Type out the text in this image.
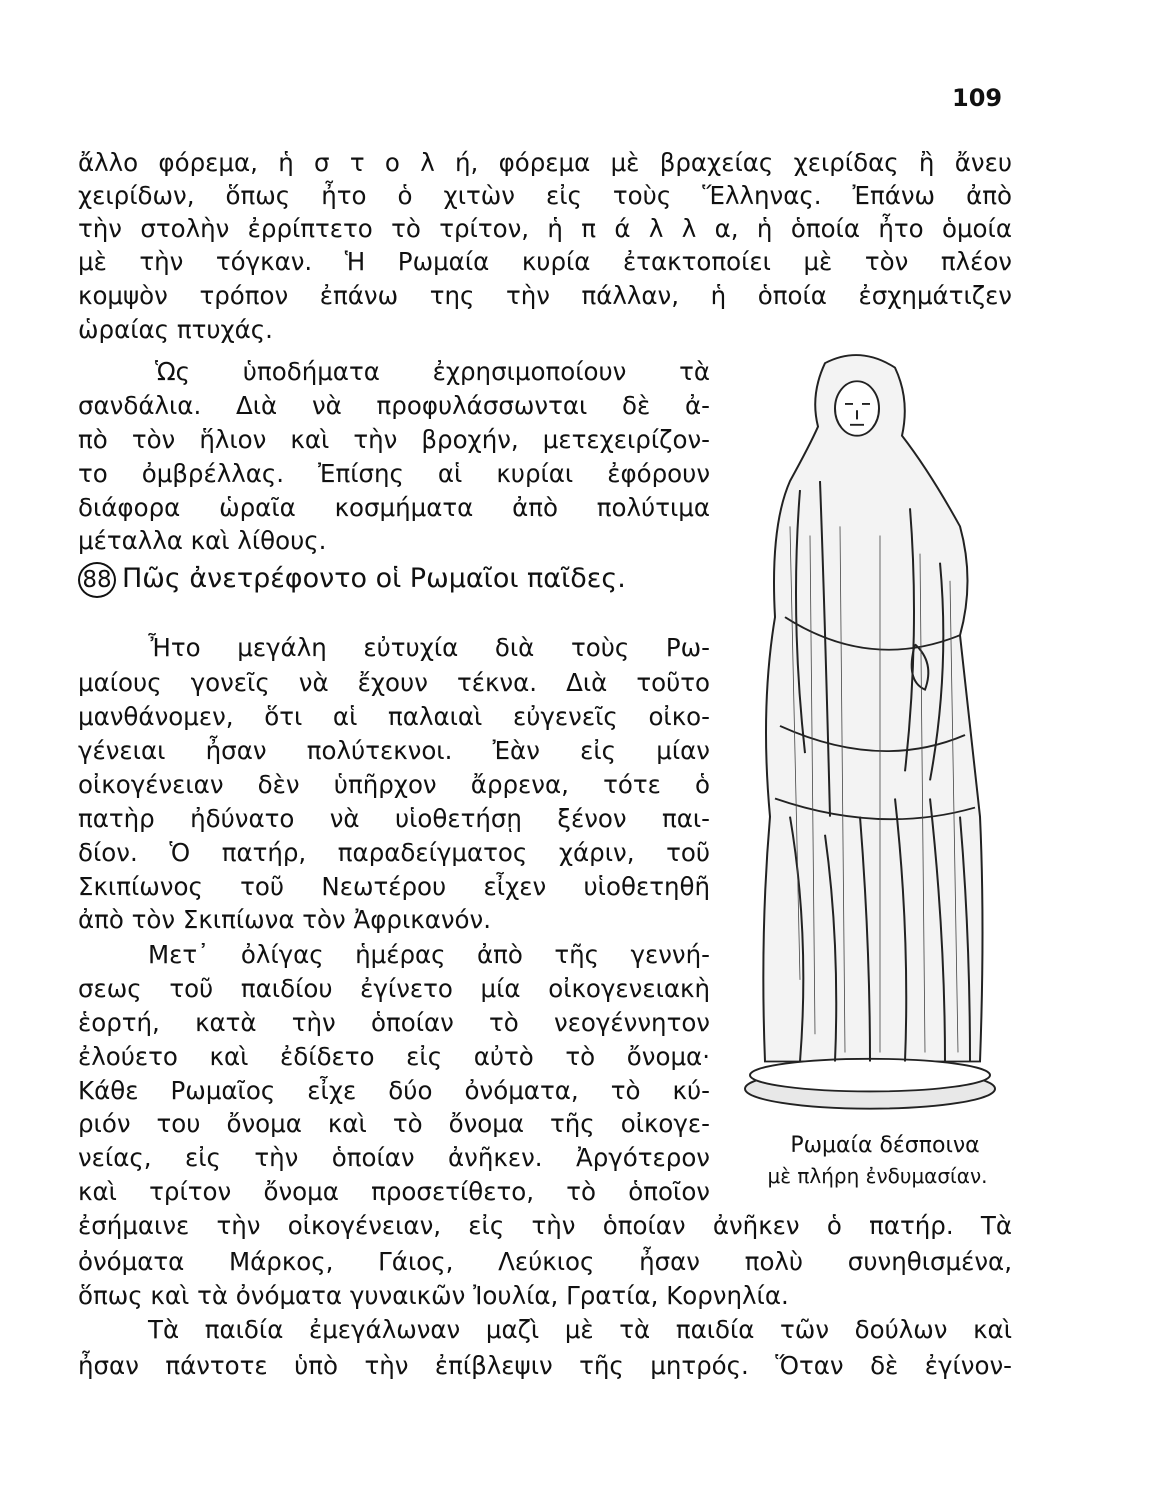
109
ἄλλο φόρεμα, ἡ σ τ ο λ ή, φόρεμα μὲ βραχείας χειρίδας ἢ ἄνευ
χειρίδων, ὅπως ἦτο ὁ χιτὼν εἰς τοὺς Ἕλληνας. Ἐπάνω ἀπὸ
τὴν στολὴν ἐρρίπτετο τὸ τρίτον, ἡ π ά λ λ α, ἡ ὁποία ἦτο ὁμοία
μὲ τὴν τόγκαν. Ἡ Ρωμαία κυρία ἐτακτοποίει μὲ τὸν πλέον
κομψὸν τρόπον ἐπάνω της τὴν πάλλαν, ἡ ὁποία ἐσχημάτιζεν
ὡραίας πτυχάς.
Ὡς ὑποδήματα ἐχρησιμοποίουν τὰ
σανδάλια. Διὰ νὰ προφυλάσσωνται δὲ ἀ-
πὸ τὸν ἥλιον καὶ τὴν βροχήν, μετεχειρίζον-
το ὀμβρέλλας. Ἐπίσης αἱ κυρίαι ἐφόρουν
διάφορα ὡραῖα κοσμήματα ἀπὸ πολύτιμα
μέταλλα καὶ λίθους.
Ἦτο μεγάλη εὐτυχία διὰ τοὺς Ρω-
μαίους γονεῖς νὰ ἔχουν τέκνα. Διὰ τοῦτο
μανθάνομεν, ὅτι αἱ παλαιαὶ εὐγενεῖς οἰκο-
γένειαι ἦσαν πολύτεκνοι. Ἐὰν εἰς μίαν
οἰκογένειαν δὲν ὑπῆρχον ἄρρενα, τότε ὁ
πατὴρ ἠδύνατο νὰ υἱοθετήσῃ ξένον παι-
δίον. Ὁ πατήρ, παραδείγματος χάριν, τοῦ
Σκιπίωνος τοῦ Νεωτέρου εἶχεν υἱοθετηθῆ
ἀπὸ τὸν Σκιπίωνα τὸν Ἀφρικανόν.
Μετ᾽ ὀλίγας ἡμέρας ἀπὸ τῆς γεννή-
σεως τοῦ παιδίου ἐγίνετο μία οἰκογενειακὴ
ἑορτή, κατὰ τὴν ὁποίαν τὸ νεογέννητον
ἐλούετο καὶ ἐδίδετο εἰς αὐτὸ τὸ ὄνομα·
Κάθε Ρωμαῖος εἶχε δύο ὀνόματα, τὸ κύ-
ριόν του ὄνομα καὶ τὸ ὄνομα τῆς οἰκογε-
νείας, εἰς τὴν ὁποίαν ἀνῆκεν. Ἀργότερον
καὶ τρίτον ὄνομα προσετίθετο, τὸ ὁποῖον
ἐσήμαινε τὴν οἰκογένειαν, εἰς τὴν ὁποίαν ἀνῆκεν ὁ πατήρ. Τὰ
ὀνόματα Μάρκος, Γάιος, Λεύκιος ἦσαν πολὺ συνηθισμένα,
ὅπως καὶ τὰ ὀνόματα γυναικῶν Ἰουλία, Γρατία, Κορνηλία.
Τὰ παιδία ἐμεγάλωναν μαζὶ μὲ τὰ παιδία τῶν δούλων καὶ
ἦσαν πάντοτε ὑπὸ τὴν ἐπίβλεψιν τῆς μητρός. Ὅταν δὲ ἐγίνον-
88 Πῶς ἀνετρέφοντο οἱ Ρωμαῖοι παῖδες.
Ρωμαία δέσποινα
μὲ πλήρη ἐνδυμασίαν.
